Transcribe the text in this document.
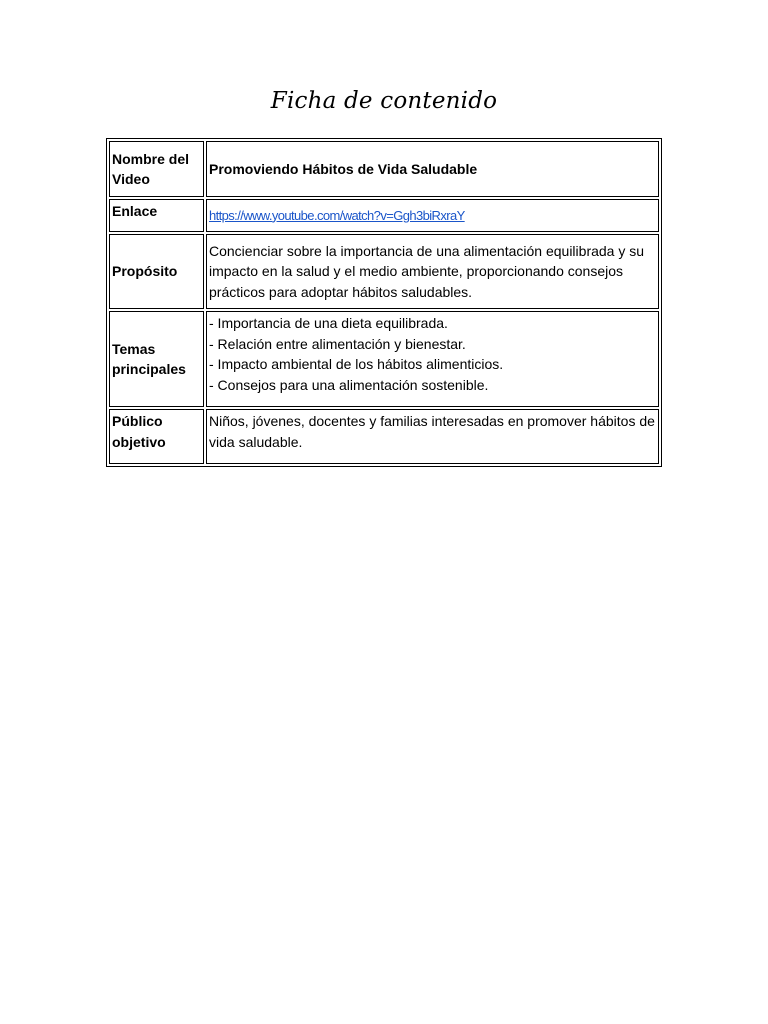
Ficha de contenido
Nombre del Video	Promoviendo Hábitos de Vida Saludable
Enlace	https://www.youtube.com/watch?v=Ggh3biRxraY
Propósito	Concienciar sobre la importancia de una alimentación equilibrada y su impacto en la salud y el medio ambiente, proporcionando consejos prácticos para adoptar hábitos saludables.
Temas principales	- Importancia de una dieta equilibrada.
- Relación entre alimentación y bienestar.
- Impacto ambiental de los hábitos alimenticios.
- Consejos para una alimentación sostenible.

Público objetivo	Niños, jóvenes, docentes y familias interesadas en promover hábitos de vida saludable.
